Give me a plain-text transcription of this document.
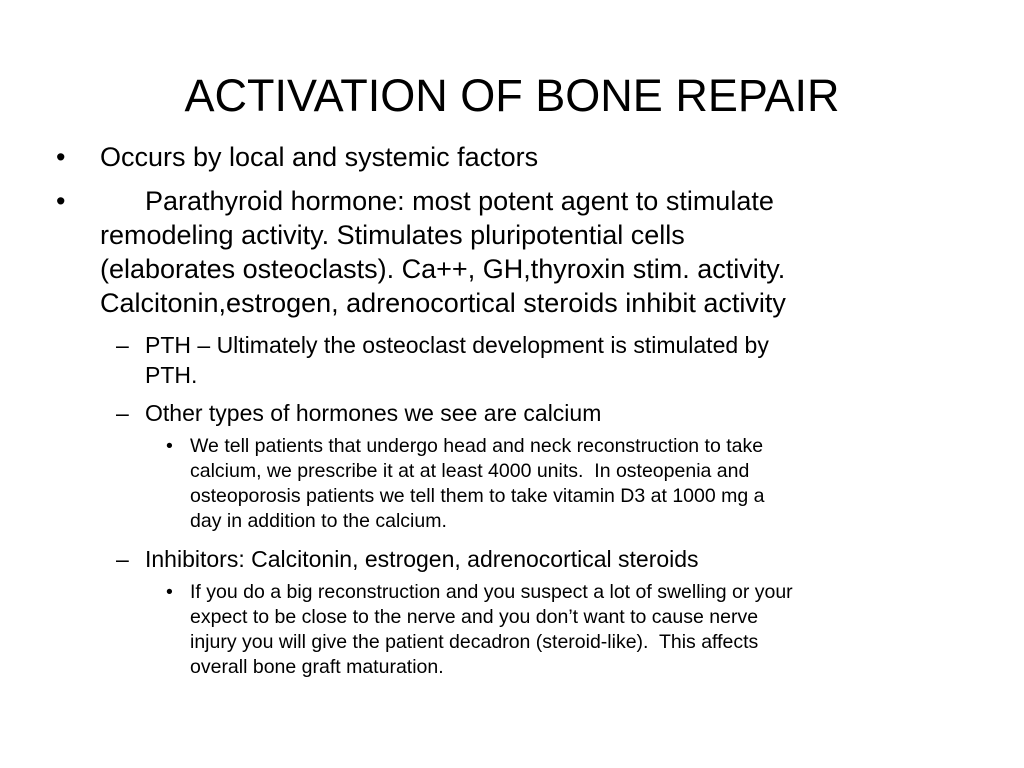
ACTIVATION OF BONE REPAIR
• Occurs by local and systemic factors
• Parathyroid hormone: most potent agent to stimulate
remodeling activity. Stimulates pluripotential cells
(elaborates osteoclasts). Ca++, GH,thyroxin stim. activity.
Calcitonin,estrogen, adrenocortical steroids inhibit activity
– PTH – Ultimately the osteoclast development is stimulated by
PTH.
– Other types of hormones we see are calcium
• We tell patients that undergo head and neck reconstruction to take
calcium, we prescribe it at at least 4000 units.  In osteopenia and
osteoporosis patients we tell them to take vitamin D3 at 1000 mg a
day in addition to the calcium.
– Inhibitors: Calcitonin, estrogen, adrenocortical steroids
• If you do a big reconstruction and you suspect a lot of swelling or your
expect to be close to the nerve and you don’t want to cause nerve
injury you will give the patient decadron (steroid-like).  This affects
overall bone graft maturation.
